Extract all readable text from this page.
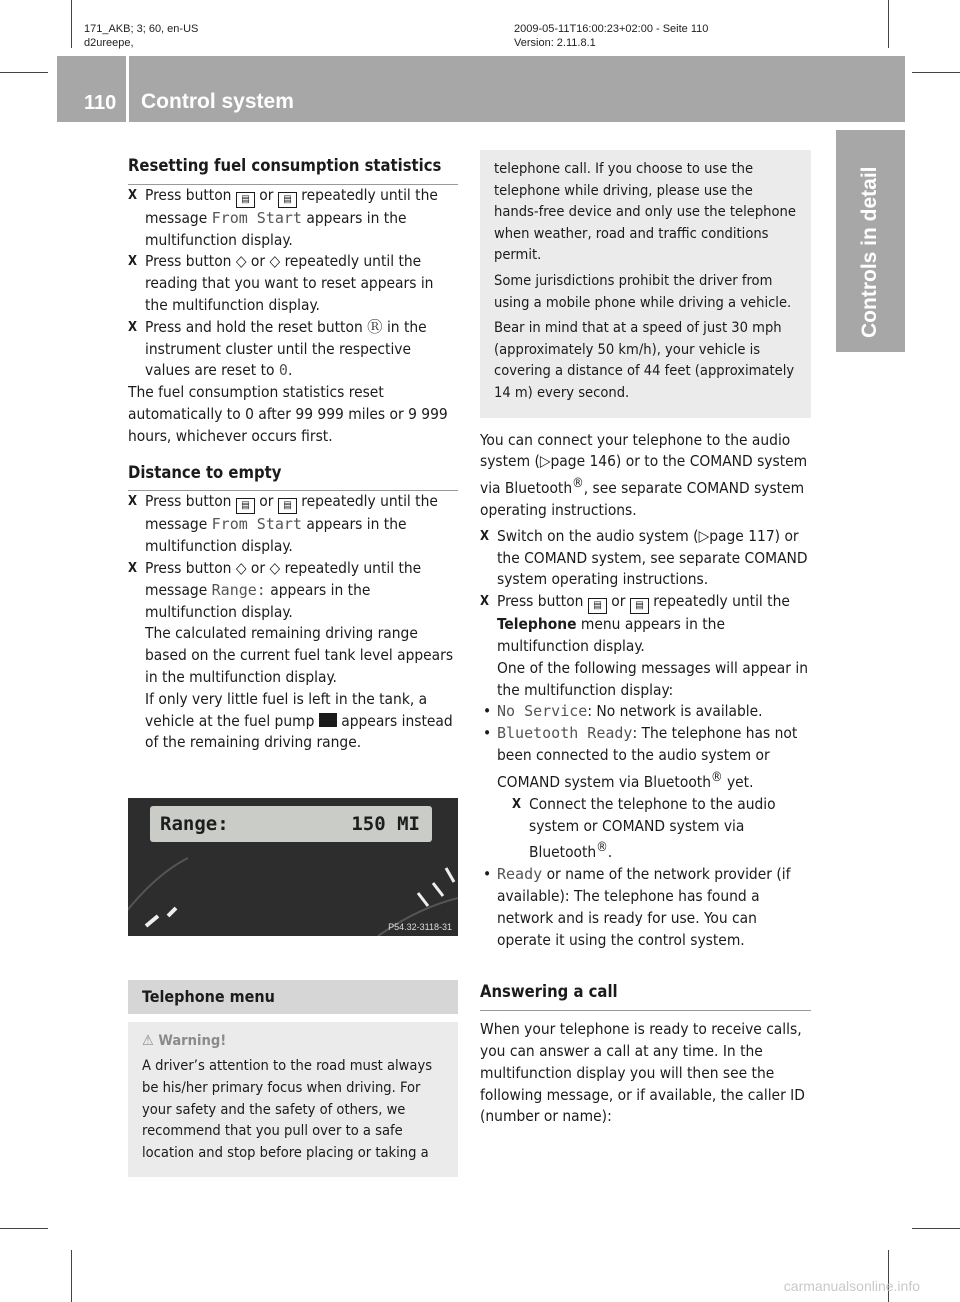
171_AKB; 3; 60, en-US
d2ureepe,
2009-05-11T16:00:23+02:00 - Seite 110
Version: 2.11.8.1
110 Control system
Controls in detail

Resetting fuel consumption statistics

X Press button ▤ or ▤ repeatedly until the message From Start appears in the multifunction display.

X Press button ◇ or ◇ repeatedly until the reading that you want to reset appears in the multifunction display.

X Press and hold the reset button Ⓡ in the instrument cluster until the respective values are reset to 0.

The fuel consumption statistics reset automatically to 0 after 99 999 miles or 9 999 hours, whichever occurs first.

Distance to empty

X Press button ▤ or ▤ repeatedly until the message From Start appears in the multifunction display.

X Press button ◇ or ◇ repeatedly until the message Range: appears in the multifunction display.
The calculated remaining driving range based on the current fuel tank level appears in the multifunction display.
If only very little fuel is left in the tank, a vehicle at the fuel pump appears instead of the remaining driving range.

Range:	150 MI
P54.32-3118-31
Telephone menu

⚠ Warning!

A driver’s attention to the road must always be his/her primary focus when driving. For your safety and the safety of others, we recommend that you pull over to a safe location and stop before placing or taking a

telephone call. If you choose to use the telephone while driving, please use the hands-free device and only use the telephone when weather, road and traffic conditions permit.

Some jurisdictions prohibit the driver from using a mobile phone while driving a vehicle.

Bear in mind that at a speed of just 30 mph (approximately 50 km/h), your vehicle is covering a distance of 44 feet (approximately 14 m) every second.

You can connect your telephone to the audio system (▷page 146) or to the COMAND system via Bluetooth®, see separate COMAND system operating instructions.

X Switch on the audio system (▷page 117) or the COMAND system, see separate COMAND system operating instructions.

X Press button ▤ or ▤ repeatedly until the Telephone menu appears in the multifunction display.
One of the following messages will appear in the multifunction display:

• No Service: No network is available.

• Bluetooth Ready: The telephone has not been connected to the audio system or COMAND system via Bluetooth® yet.

X Connect the telephone to the audio system or COMAND system via Bluetooth®.

• Ready or name of the network provider (if available): The telephone has found a network and is ready for use. You can operate it using the control system.

Answering a call

When your telephone is ready to receive calls, you can answer a call at any time. In the multifunction display you will then see the following message, or if available, the caller ID (number or name):

carmanualsonline.info
